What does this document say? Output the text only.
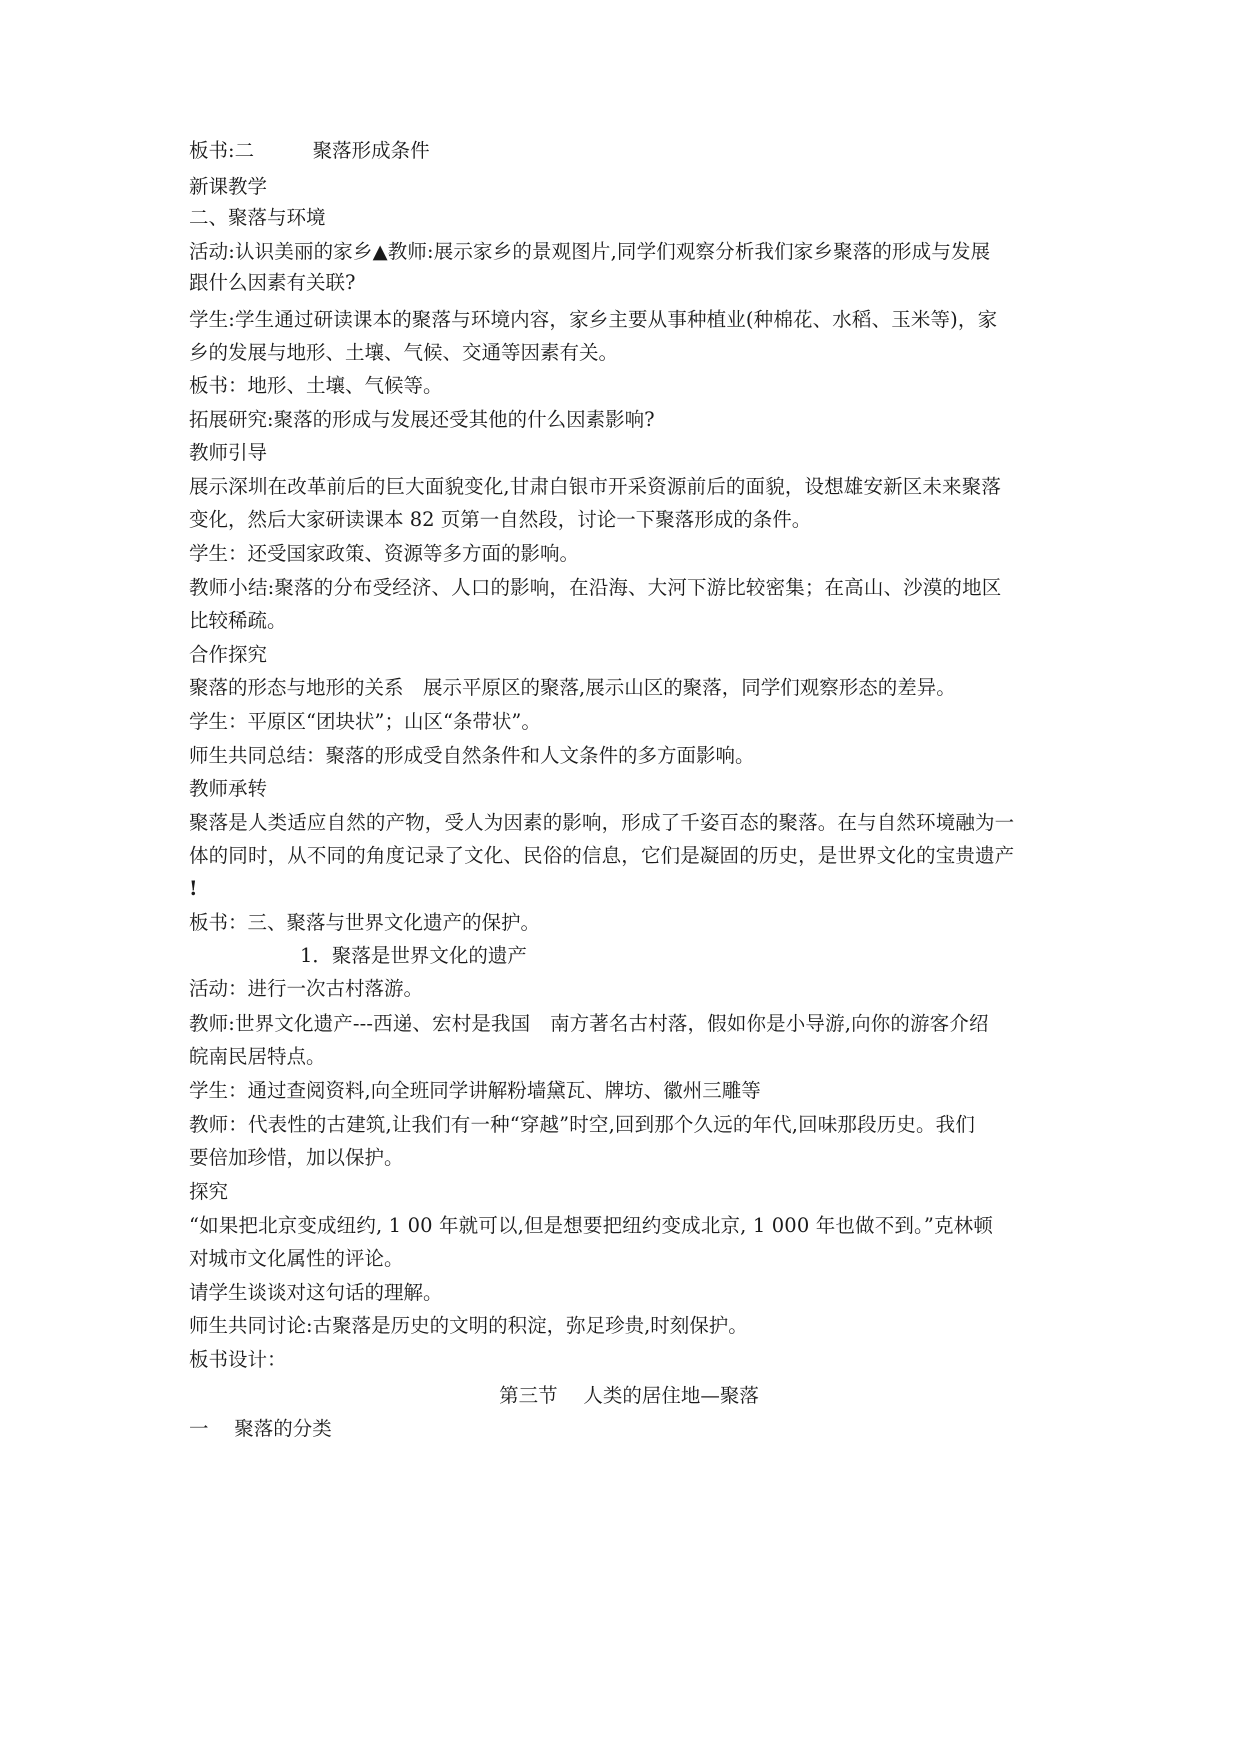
板书:二　　　聚落形成条件
新课教学
二、聚落与环境
活动:认识美丽的家乡▲教师:展示家乡的景观图片,同学们观察分析我们家乡聚落的形成与发展
跟什么因素有关联?
学生:学生通过研读课本的聚落与环境内容，家乡主要从事种植业(种棉花、水稻、玉米等)，家
乡的发展与地形、土壤、气候、交通等因素有关。
板书：地形、土壤、气候等。
拓展研究:聚落的形成与发展还受其他的什么因素影响?
教师引导
展示深圳在改革前后的巨大面貌变化,甘肃白银市开采资源前后的面貌，设想雄安新区未来聚落
变化，然后大家研读课本 82 页第一自然段，讨论一下聚落形成的条件。
学生：还受国家政策、资源等多方面的影响。
教师小结:聚落的分布受经济、人口的影响，在沿海、大河下游比较密集；在高山、沙漠的地区
比较稀疏。
合作探究
聚落的形态与地形的关系　展示平原区的聚落,展示山区的聚落，同学们观察形态的差异。
学生：平原区“团块状”；山区“条带状”。
师生共同总结：聚落的形成受自然条件和人文条件的多方面影响。
教师承转
聚落是人类适应自然的产物，受人为因素的影响，形成了千姿百态的聚落。在与自然环境融为一
体的同时，从不同的角度记录了文化、民俗的信息，它们是凝固的历史，是世界文化的宝贵遗产
!
板书：三、聚落与世界文化遗产的保护。
1．聚落是世界文化的遗产
活动：进行一次古村落游。
教师:世界文化遗产---西递、宏村是我国　南方著名古村落，假如你是小导游,向你的游客介绍
皖南民居特点。
学生：通过查阅资料,向全班同学讲解粉墙黛瓦、牌坊、徽州三雕等
教师：代表性的古建筑,让我们有一种“穿越”时空,回到那个久远的年代,回味那段历史。我们
要倍加珍惜，加以保护。
探究
“如果把北京变成纽约, 1 00 年就可以,但是想要把纽约变成北京, 1 000 年也做不到。”克林顿
对城市文化属性的评论。
请学生谈谈对这句话的理解。
师生共同讨论:古聚落是历史的文明的积淀，弥足珍贵,时刻保护。
板书设计：
第三节　 人类的居住地—聚落
一　 聚落的分类
